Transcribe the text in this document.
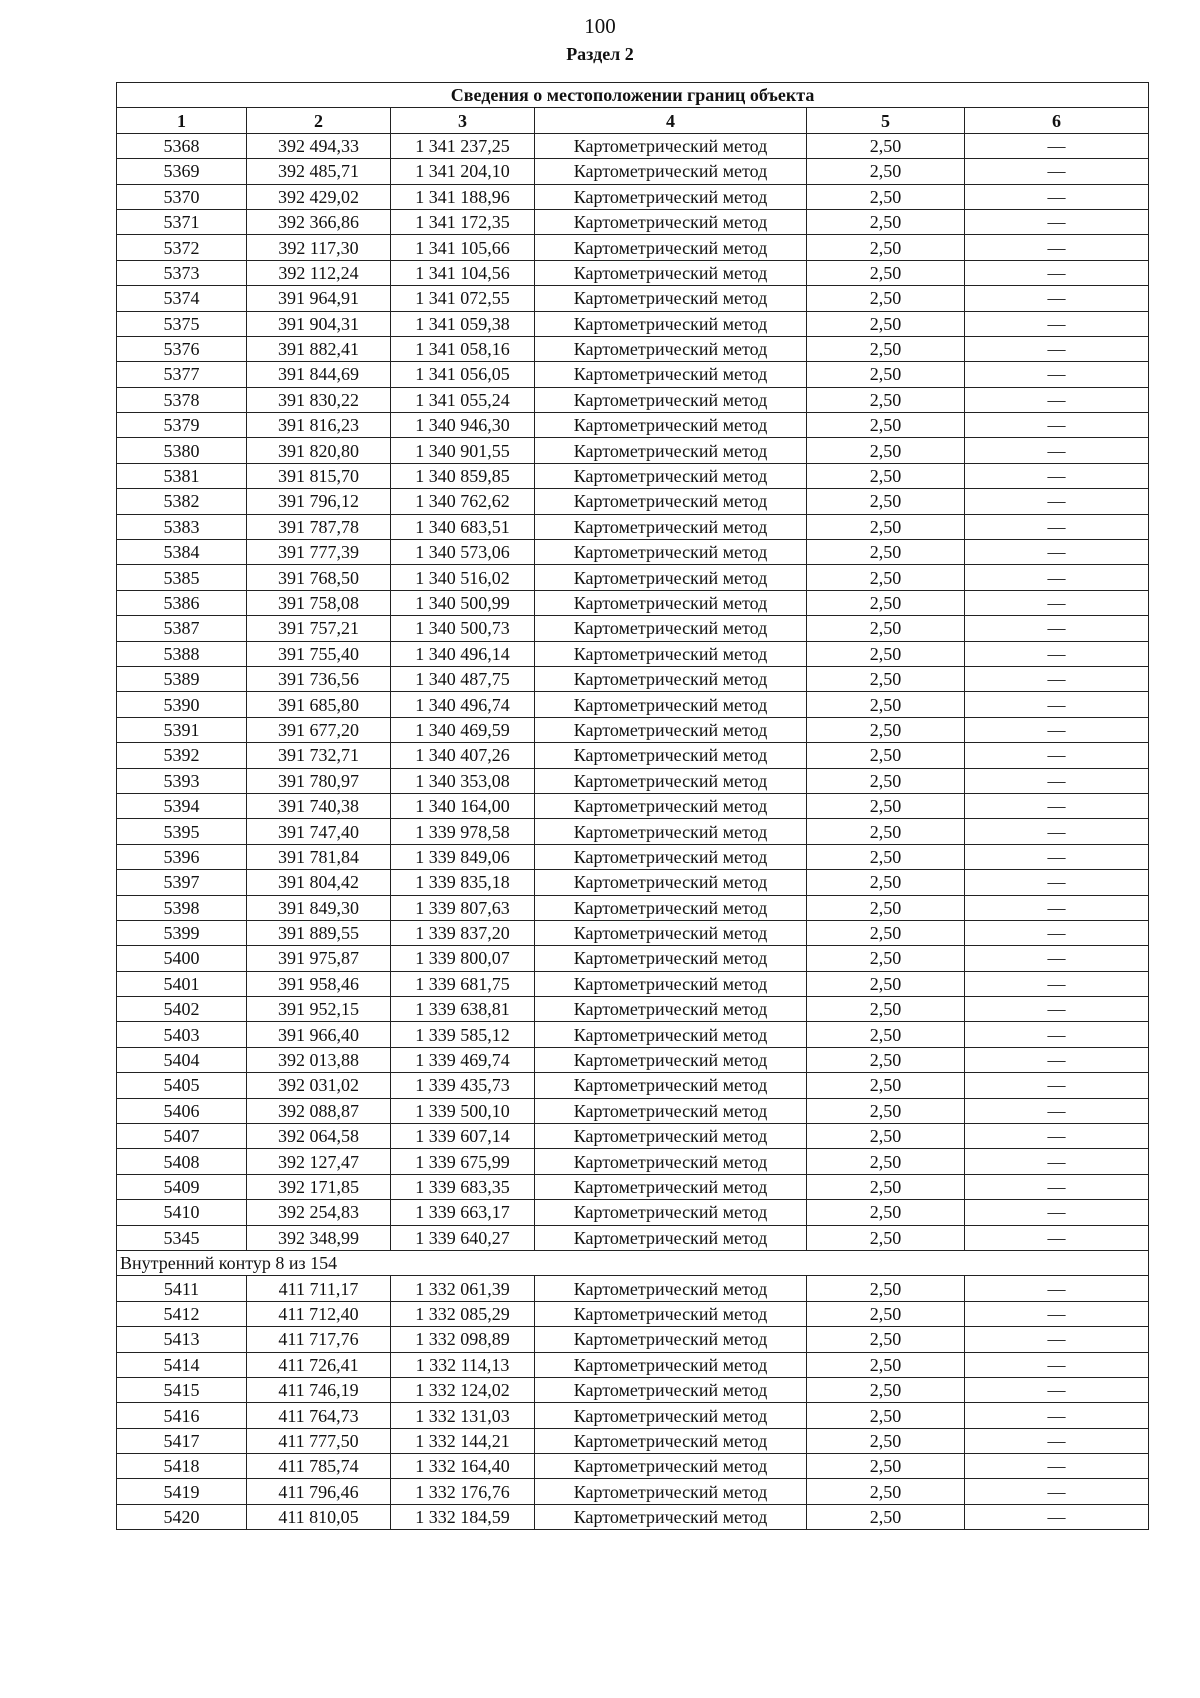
100
Раздел 2
Сведения о местоположении границ объекта					
1	2	3	4	5	6
5368	392 494,33	1 341 237,25	Картометрический метод	2,50	—
5369	392 485,71	1 341 204,10	Картометрический метод	2,50	—
5370	392 429,02	1 341 188,96	Картометрический метод	2,50	—
5371	392 366,86	1 341 172,35	Картометрический метод	2,50	—
5372	392 117,30	1 341 105,66	Картометрический метод	2,50	—
5373	392 112,24	1 341 104,56	Картометрический метод	2,50	—
5374	391 964,91	1 341 072,55	Картометрический метод	2,50	—
5375	391 904,31	1 341 059,38	Картометрический метод	2,50	—
5376	391 882,41	1 341 058,16	Картометрический метод	2,50	—
5377	391 844,69	1 341 056,05	Картометрический метод	2,50	—
5378	391 830,22	1 341 055,24	Картометрический метод	2,50	—
5379	391 816,23	1 340 946,30	Картометрический метод	2,50	—
5380	391 820,80	1 340 901,55	Картометрический метод	2,50	—
5381	391 815,70	1 340 859,85	Картометрический метод	2,50	—
5382	391 796,12	1 340 762,62	Картометрический метод	2,50	—
5383	391 787,78	1 340 683,51	Картометрический метод	2,50	—
5384	391 777,39	1 340 573,06	Картометрический метод	2,50	—
5385	391 768,50	1 340 516,02	Картометрический метод	2,50	—
5386	391 758,08	1 340 500,99	Картометрический метод	2,50	—
5387	391 757,21	1 340 500,73	Картометрический метод	2,50	—
5388	391 755,40	1 340 496,14	Картометрический метод	2,50	—
5389	391 736,56	1 340 487,75	Картометрический метод	2,50	—
5390	391 685,80	1 340 496,74	Картометрический метод	2,50	—
5391	391 677,20	1 340 469,59	Картометрический метод	2,50	—
5392	391 732,71	1 340 407,26	Картометрический метод	2,50	—
5393	391 780,97	1 340 353,08	Картометрический метод	2,50	—
5394	391 740,38	1 340 164,00	Картометрический метод	2,50	—
5395	391 747,40	1 339 978,58	Картометрический метод	2,50	—
5396	391 781,84	1 339 849,06	Картометрический метод	2,50	—
5397	391 804,42	1 339 835,18	Картометрический метод	2,50	—
5398	391 849,30	1 339 807,63	Картометрический метод	2,50	—
5399	391 889,55	1 339 837,20	Картометрический метод	2,50	—
5400	391 975,87	1 339 800,07	Картометрический метод	2,50	—
5401	391 958,46	1 339 681,75	Картометрический метод	2,50	—
5402	391 952,15	1 339 638,81	Картометрический метод	2,50	—
5403	391 966,40	1 339 585,12	Картометрический метод	2,50	—
5404	392 013,88	1 339 469,74	Картометрический метод	2,50	—
5405	392 031,02	1 339 435,73	Картометрический метод	2,50	—
5406	392 088,87	1 339 500,10	Картометрический метод	2,50	—
5407	392 064,58	1 339 607,14	Картометрический метод	2,50	—
5408	392 127,47	1 339 675,99	Картометрический метод	2,50	—
5409	392 171,85	1 339 683,35	Картометрический метод	2,50	—
5410	392 254,83	1 339 663,17	Картометрический метод	2,50	—
5345	392 348,99	1 339 640,27	Картометрический метод	2,50	—
Внутренний контур 8 из 154					
5411	411 711,17	1 332 061,39	Картометрический метод	2,50	—
5412	411 712,40	1 332 085,29	Картометрический метод	2,50	—
5413	411 717,76	1 332 098,89	Картометрический метод	2,50	—
5414	411 726,41	1 332 114,13	Картометрический метод	2,50	—
5415	411 746,19	1 332 124,02	Картометрический метод	2,50	—
5416	411 764,73	1 332 131,03	Картометрический метод	2,50	—
5417	411 777,50	1 332 144,21	Картометрический метод	2,50	—
5418	411 785,74	1 332 164,40	Картометрический метод	2,50	—
5419	411 796,46	1 332 176,76	Картометрический метод	2,50	—
5420	411 810,05	1 332 184,59	Картометрический метод	2,50	—
